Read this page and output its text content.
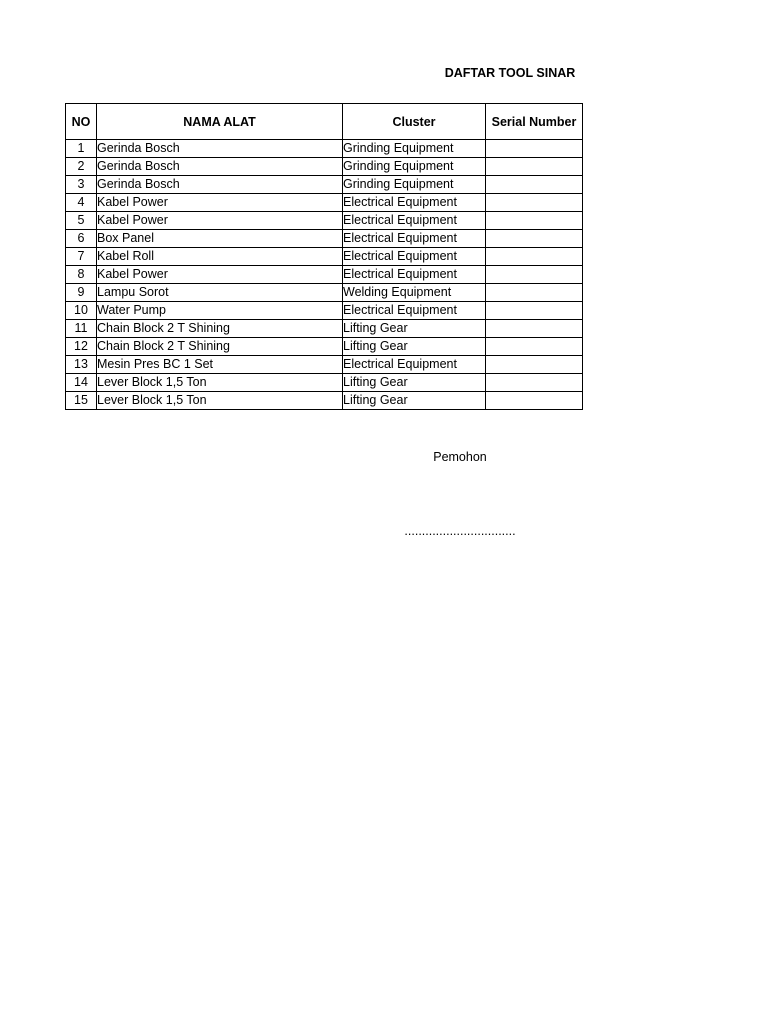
DAFTAR TOOL SINAR
NO	NAMA ALAT	Cluster	Serial Number
1	Gerinda Bosch	Grinding Equipment	
2	Gerinda Bosch	Grinding Equipment	
3	Gerinda Bosch	Grinding Equipment	
4	Kabel Power	Electrical Equipment	
5	Kabel Power	Electrical Equipment	
6	Box Panel	Electrical Equipment	
7	Kabel Roll	Electrical Equipment	
8	Kabel Power	Electrical Equipment	
9	Lampu Sorot	Welding Equipment	
10	Water Pump	Electrical Equipment	
11	Chain Block 2 T Shining	Lifting Gear	
12	Chain Block 2 T Shining	Lifting Gear	
13	Mesin Pres BC 1 Set	Electrical Equipment	
14	Lever Block 1,5 Ton	Lifting Gear	
15	Lever Block 1,5 Ton	Lifting Gear	
Pemohon
................................
